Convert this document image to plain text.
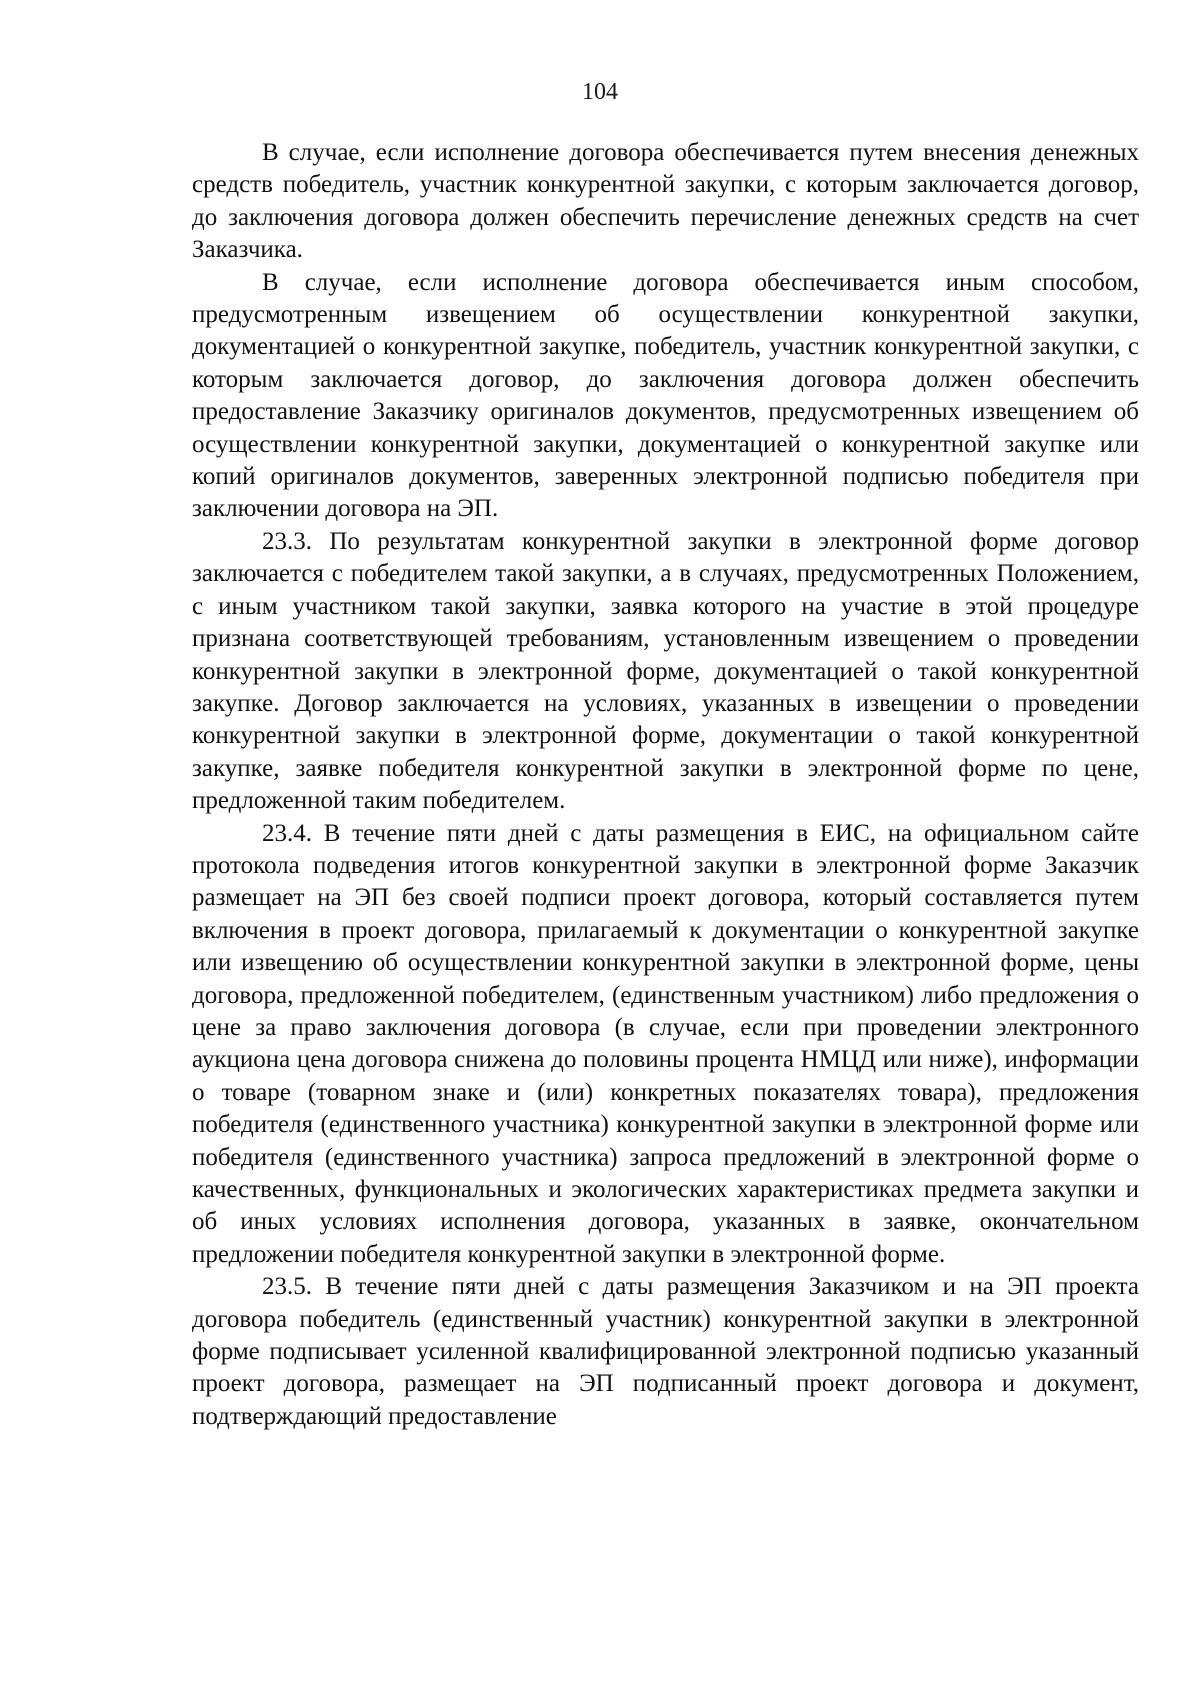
104

В случае, если исполнение договора обеспечивается путем внесения денежных средств победитель, участник конкурентной закупки, с которым заключается договор, до заключения договора должен обеспечить перечисление денежных средств на счет Заказчика.

В случае, если исполнение договора обеспечивается иным способом, предусмотренным извещением об осуществлении конкурентной закупки, документацией о конкурентной закупке, победитель, участник конкурентной закупки, с которым заключается договор, до заключения договора должен обеспечить предоставление Заказчику оригиналов документов, предусмотренных извещением об осуществлении конкурентной закупки, документацией о конкурентной закупке или копий оригиналов документов, заверенных электронной подписью победителя при заключении договора на ЭП.

23.3. По результатам конкурентной закупки в электронной форме договор заключается с победителем такой закупки, а в случаях, предусмотренных Положением, с иным участником такой закупки, заявка которого на участие в этой процедуре признана соответствующей требованиям, установленным извещением о проведении конкурентной закупки в электронной форме, документацией о такой конкурентной закупке. Договор заключается на условиях, указанных в извещении о проведении конкурентной закупки в электронной форме, документации о такой конкурентной закупке, заявке победителя конкурентной закупки в электронной форме по цене, предложенной таким победителем.

23.4. В течение пяти дней с даты размещения в ЕИС, на официальном сайте протокола подведения итогов конкурентной закупки в электронной форме Заказчик размещает на ЭП без своей подписи проект договора, который составляется путем включения в проект договора, прилагаемый к документации о конкурентной закупке или извещению об осуществлении конкурентной закупки в электронной форме, цены договора, предложенной победителем, (единственным участником) либо предложения о цене за право заключения договора (в случае, если при проведении электронного аукциона цена договора снижена до половины процента НМЦД или ниже), информации о товаре (товарном знаке и (или) конкретных показателях товара), предложения победителя (единственного участника) конкурентной закупки в электронной форме или победителя (единственного участника) запроса предложений в электронной форме о качественных, функциональных и экологических характеристиках предмета закупки и об иных условиях исполнения договора, указанных в заявке, окончательном предложении победителя конкурентной закупки в электронной форме.

23.5. В течение пяти дней с даты размещения Заказчиком и на ЭП проекта договора победитель (единственный участник) конкурентной закупки в электронной форме подписывает усиленной квалифицированной электронной подписью указанный проект договора, размещает на ЭП подписанный проект договора и документ, подтверждающий предоставление
